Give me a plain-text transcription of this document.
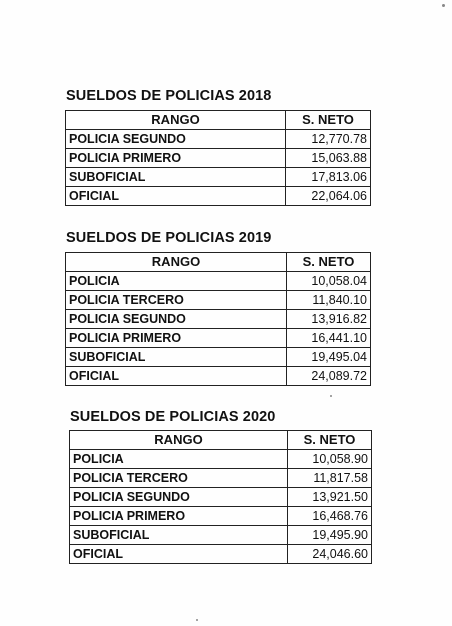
SUELDOS DE POLICIAS 2018
RANGO	S. NETO
POLICIA SEGUNDO	12,770.78
POLICIA PRIMERO	15,063.88
SUBOFICIAL	17,813.06
OFICIAL	22,064.06
SUELDOS DE POLICIAS 2019
RANGO	S. NETO
POLICIA	10,058.04
POLICIA TERCERO	11,840.10
POLICIA SEGUNDO	13,916.82
POLICIA PRIMERO	16,441.10
SUBOFICIAL	19,495.04
OFICIAL	24,089.72
SUELDOS DE POLICIAS 2020
RANGO	S. NETO
POLICIA	10,058.90
POLICIA TERCERO	11,817.58
POLICIA SEGUNDO	13,921.50
POLICIA PRIMERO	16,468.76
SUBOFICIAL	19,495.90
OFICIAL	24,046.60
